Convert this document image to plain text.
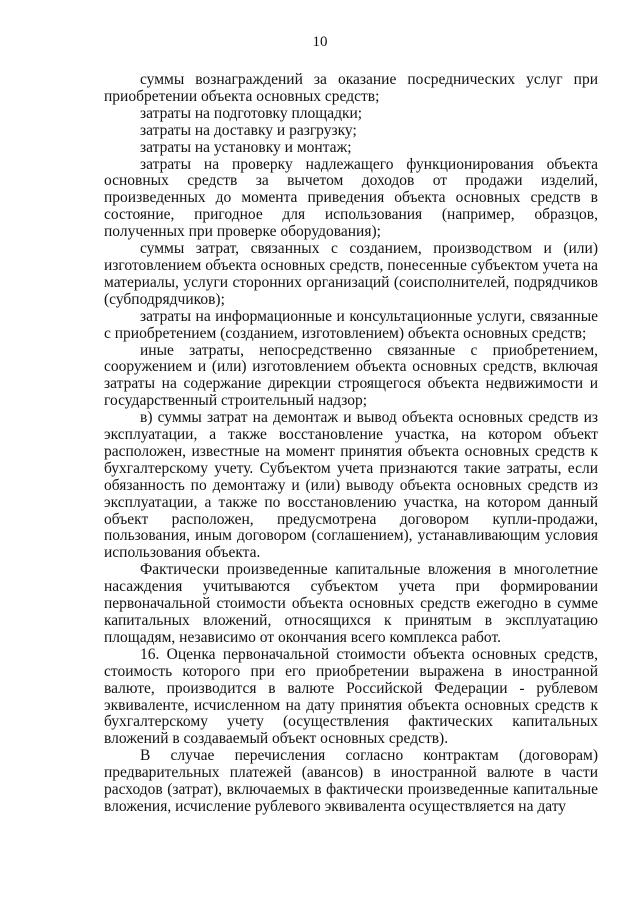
10

суммы вознаграждений за оказание посреднических услуг при приобретении объекта основных средств;

затраты на подготовку площадки;

затраты на доставку и разгрузку;

затраты на установку и монтаж;

затраты на проверку надлежащего функционирования объекта основных средств за вычетом доходов от продажи изделий, произведенных до момента приведения объекта основных средств в состояние, пригодное для использования (например, образцов, полученных при проверке оборудования);

суммы затрат, связанных с созданием, производством и (или) изготовлением объекта основных средств, понесенные субъектом учета на материалы, услуги сторонних организаций (соисполнителей, подрядчиков (субподрядчиков);

затраты на информационные и консультационные услуги, связанные с приобретением (созданием, изготовлением) объекта основных средств;

иные затраты, непосредственно связанные с приобретением, сооружением и (или) изготовлением объекта основных средств, включая затраты на содержание дирекции строящегося объекта недвижимости и государственный строительный надзор;

в) суммы затрат на демонтаж и вывод объекта основных средств из эксплуатации, а также восстановление участка, на котором объект расположен, известные на момент принятия объекта основных средств к бухгалтерскому учету. Субъектом учета признаются такие затраты, если обязанность по демонтажу и (или) выводу объекта основных средств из эксплуатации, а также по восстановлению участка, на котором данный объект расположен, предусмотрена договором купли-продажи, пользования, иным договором (соглашением), устанавливающим условия использования объекта.

Фактически произведенные капитальные вложения в многолетние насаждения учитываются субъектом учета при формировании первоначальной стоимости объекта основных средств ежегодно в сумме капитальных вложений, относящихся к принятым в эксплуатацию площадям, независимо от окончания всего комплекса работ.

16. Оценка первоначальной стоимости объекта основных средств, стоимость которого при его приобретении выражена в иностранной валюте, производится в валюте Российской Федерации - рублевом эквиваленте, исчисленном на дату принятия объекта основных средств к бухгалтерскому учету (осуществления фактических капитальных вложений в создаваемый объект основных средств).

В случае перечисления согласно контрактам (договорам) предварительных платежей (авансов) в иностранной валюте в части расходов (затрат), включаемых в фактически произведенные капитальные вложения, исчисление рублевого эквивалента осуществляется на дату
